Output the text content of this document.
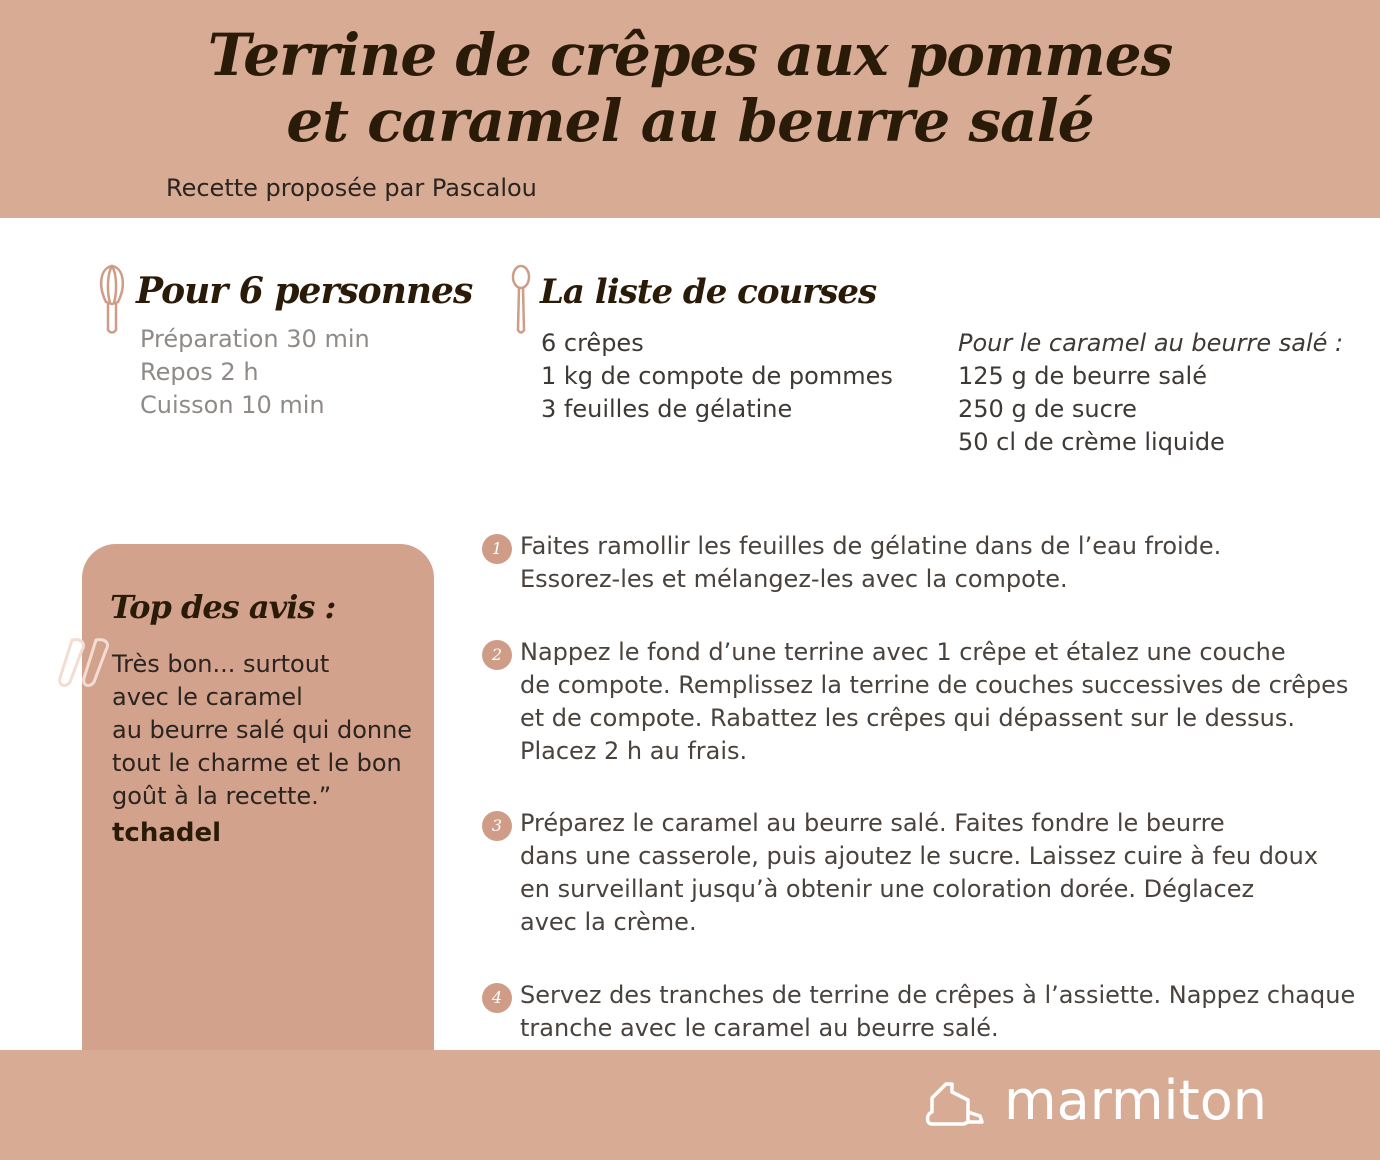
Terrine de crêpes aux pommes
et caramel au beurre salé
Recette proposée par Pascalou
Pour 6 personnes
Préparation 30 min
Repos 2 h
Cuisson 10 min
La liste de courses
6 crêpes
1 kg de compote de pommes
3 feuilles de gélatine
Pour le caramel au beurre salé :
125 g de beurre salé
250 g de sucre
50 cl de crème liquide
Top des avis :
Très bon... surtout
avec le caramel
au beurre salé qui donne
tout le charme et le bon
goût à la recette.”
tchadel
1 Faites ramollir les feuilles de gélatine dans de l’eau froide.
Essorez-les et mélangez-les avec la compote.
2 Nappez le fond d’une terrine avec 1 crêpe et étalez une couche
de compote. Remplissez la terrine de couches successives de crêpes
et de compote. Rabattez les crêpes qui dépassent sur le dessus.
Placez 2 h au frais.
3 Préparez le caramel au beurre salé. Faites fondre le beurre
dans une casserole, puis ajoutez le sucre. Laissez cuire à feu doux
en surveillant jusqu’à obtenir une coloration dorée. Déglacez
avec la crème.
4 Servez des tranches de terrine de crêpes à l’assiette. Nappez chaque
tranche avec le caramel au beurre salé.
marmiton
